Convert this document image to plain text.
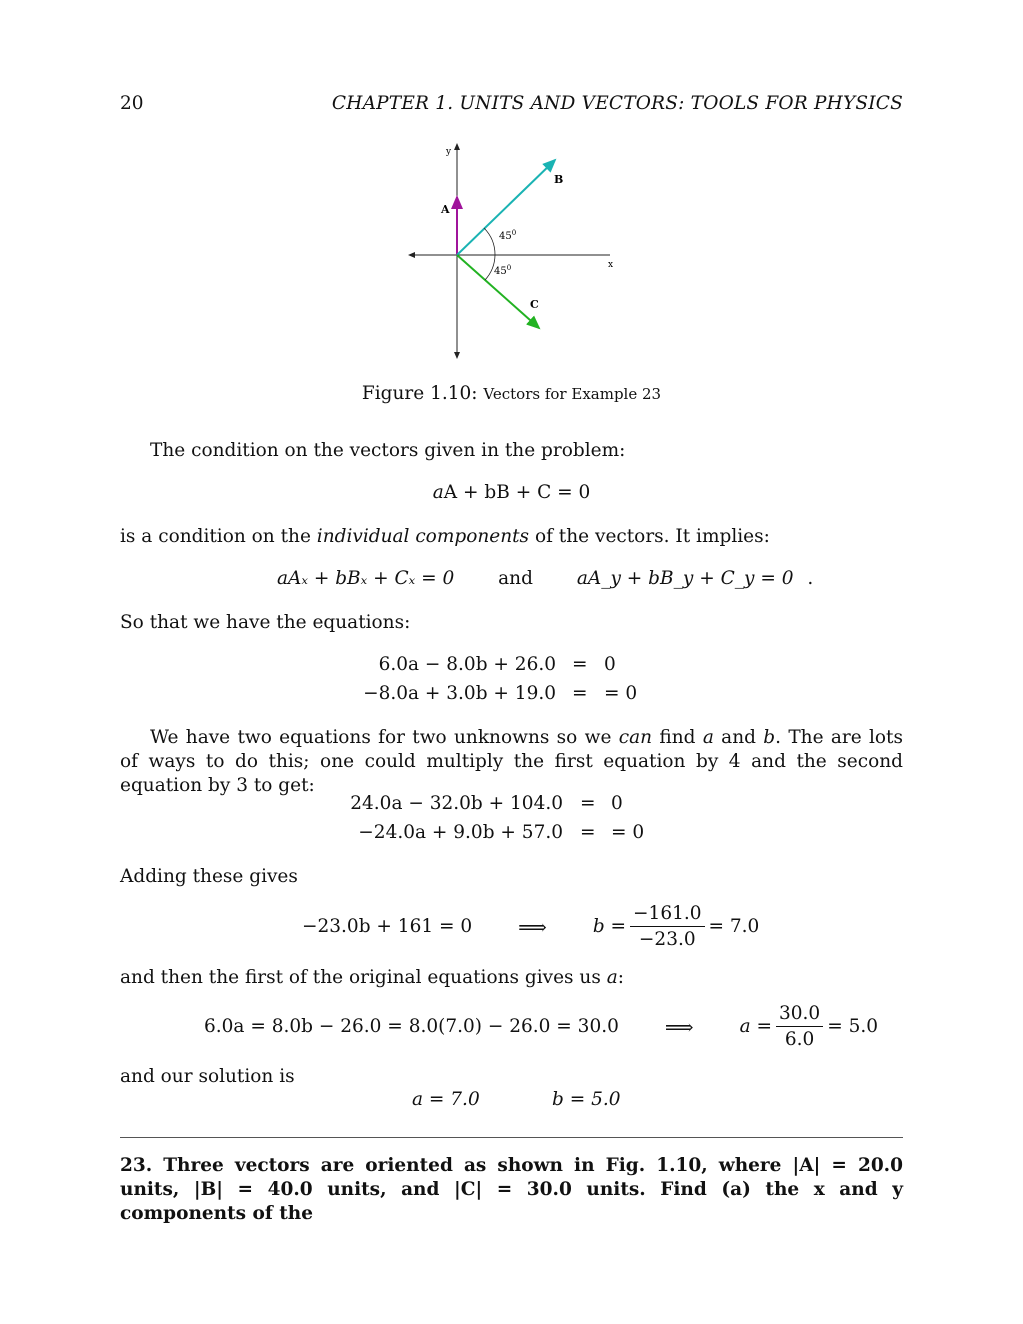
20	CHAPTER 1. UNITS AND VECTORS: TOOLS FOR PHYSICS
y
x
A
B
C
$45^0$
$45^0$
Figure 1.10: Vectors for Example 23
The condition on the vectors given in the problem:
aA + bB + C = 0
is a condition on the individual components of the vectors. It implies:
aAₓ + bBₓ + Cₓ = 0 and aA_y + bB_y + C_y = 0 .
So that we have the equations:
6.0a − 8.0b + 26.0 = 0
−8.0a + 3.0b + 19.0 = = 0
We have two equations for two unknowns so we can find a and b. The are lots of ways to do this; one could multiply the first equation by 4 and the second equation by 3 to get:
24.0a − 32.0b + 104.0 = 0
−24.0a + 9.0b + 57.0 = = 0
Adding these gives
−23.0b + 161 = 0 ⟹ $b = \frac{-161.0}{-23.0} = 7.0$
and then the first of the original equations gives us a:
6.0a = 8.0b − 26.0 = 8.0(7.0) − 26.0 = 30.0 ⟹ $a = \frac{30.0}{6.0} = 5.0$
and our solution is
a = 7.0	b = 5.0
23. Three vectors are oriented as shown in Fig. 1.10, where |A| = 20.0 units, |B| = 40.0 units, and |C| = 30.0 units. Find (a) the x and y components of the
